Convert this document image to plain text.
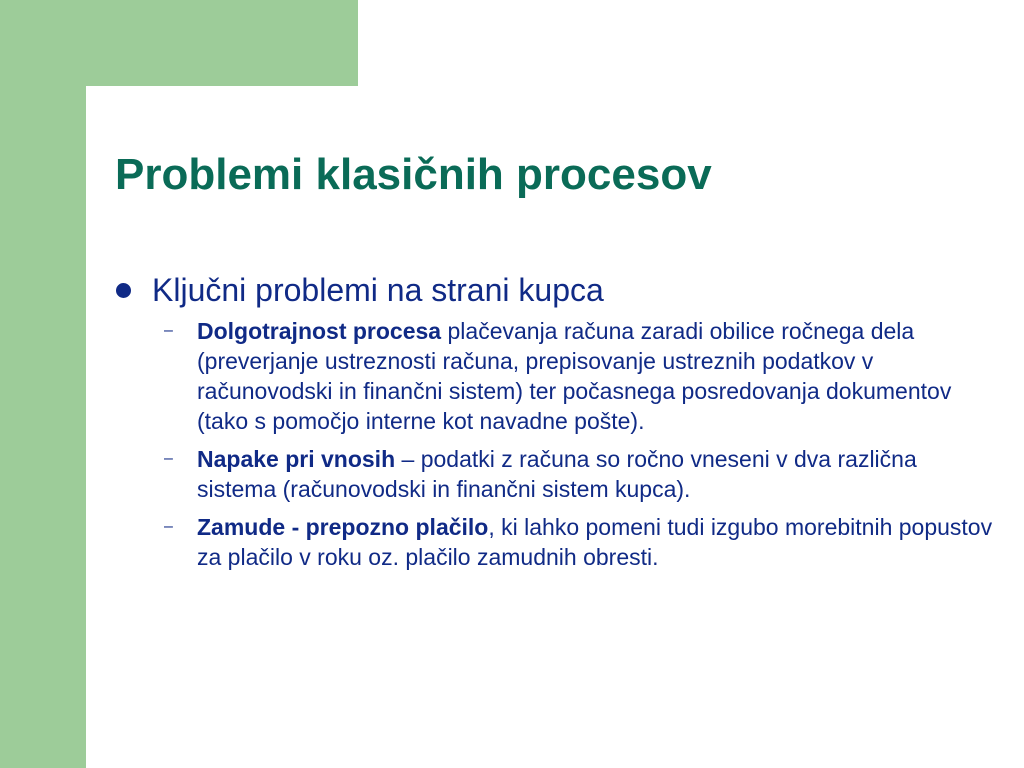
Problemi klasičnih procesov
Ključni problemi na strani kupca
– Dolgotrajnost procesa plačevanja računa zaradi obilice ročnega dela (preverjanje ustreznosti računa, prepisovanje ustreznih podatkov v računovodski in finančni sistem) ter počasnega posredovanja dokumentov (tako s pomočjo interne kot navadne pošte).
– Napake pri vnosih – podatki z računa so ročno vneseni v dva različna sistema (računovodski in finančni sistem kupca).
– Zamude - prepozno plačilo, ki lahko pomeni tudi izgubo morebitnih popustov za plačilo v roku oz. plačilo zamudnih obresti.
